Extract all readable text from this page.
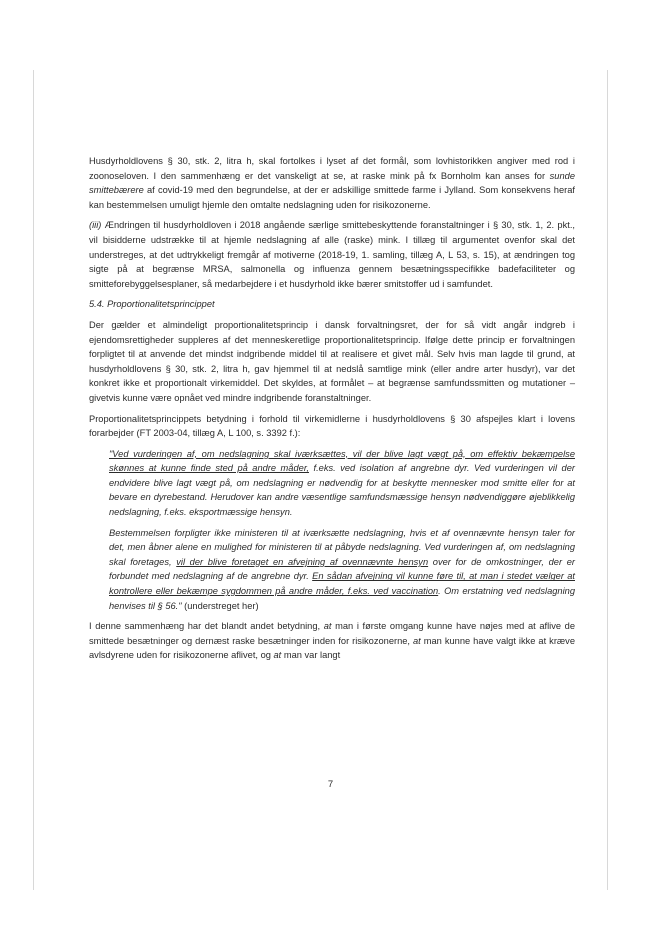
Husdyrholdlovens § 30, stk. 2, litra h, skal fortolkes i lyset af det formål, som lovhistorikken angiver med rod i zoonoseloven. I den sammenhæng er det vanskeligt at se, at raske mink på fx Bornholm kan anses for sunde smittebærere af covid-19 med den begrundelse, at der er adskillige smittede farme i Jylland. Som konsekvens heraf kan bestemmelsen umuligt hjemle den omtalte nedslagning uden for risikozonerne.

(iii) Ændringen til husdyrholdloven i 2018 angående særlige smittebeskyttende foranstaltninger i § 30, stk. 1, 2. pkt., vil bisidderne udstrække til at hjemle nedslagning af alle (raske) mink. I tillæg til argumentet ovenfor skal det understreges, at det udtrykkeligt fremgår af motiverne (2018-19, 1. samling, tillæg A, L 53, s. 15), at ændringen tog sigte på at begrænse MRSA, salmonella og influenza gennem besætningsspecifikke badefaciliteter og smitteforebyggelsesplaner, så medarbejdere i et husdyrhold ikke bærer smitstoffer ud i samfundet.

5.4. Proportionalitetsprincippet

Der gælder et almindeligt proportionalitetsprincip i dansk forvaltningsret, der for så vidt angår indgreb i ejendomsrettigheder suppleres af det menneskeretlige proportionalitetsprincip. Ifølge dette princip er forvaltningen forpligtet til at anvende det mindst indgribende middel til at realisere et givet mål. Selv hvis man lagde til grund, at husdyrholdlovens § 30, stk. 2, litra h, gav hjemmel til at nedslå samtlige mink (eller andre arter husdyr), var det konkret ikke et proportionalt virkemiddel. Det skyldes, at formålet – at begrænse samfundssmitten og mutationer – givetvis kunne være opnået ved mindre indgribende foranstaltninger.

Proportionalitetsprincippets betydning i forhold til virkemidlerne i husdyrholdlovens § 30 afspejles klart i lovens forarbejder (FT 2003-04, tillæg A, L 100, s. 3392 f.):

"Ved vurderingen af, om nedslagning skal iværksættes, vil der blive lagt vægt på, om effektiv bekæmpelse skønnes at kunne finde sted på andre måder, f.eks. ved isolation af angrebne dyr. Ved vurderingen vil der endvidere blive lagt vægt på, om nedslagning er nødvendig for at beskytte mennesker mod smitte eller for at bevare en dyrebestand. Herudover kan andre væsentlige samfundsmæssige hensyn nødvendiggøre øjeblikkelig nedslagning, f.eks. eksportmæssige hensyn.

Bestemmelsen forpligter ikke ministeren til at iværksætte nedslagning, hvis et af ovennævnte hensyn taler for det, men åbner alene en mulighed for ministeren til at påbyde nedslagning. Ved vurderingen af, om nedslagning skal foretages, vil der blive foretaget en afvejning af ovennævnte hensyn over for de omkostninger, der er forbundet med nedslagning af de angrebne dyr. En sådan afvejning vil kunne føre til, at man i stedet vælger at kontrollere eller bekæmpe sygdommen på andre måder, f.eks. ved vaccination. Om erstatning ved nedslagning henvises til § 56." (understreget her)

I denne sammenhæng har det blandt andet betydning, at man i første omgang kunne have nøjes med at aflive de smittede besætninger og dernæst raske besætninger inden for risikozonerne, at man kunne have valgt ikke at kræve avlsdyrene uden for risikozonerne aflivet, og at man var langt

7
